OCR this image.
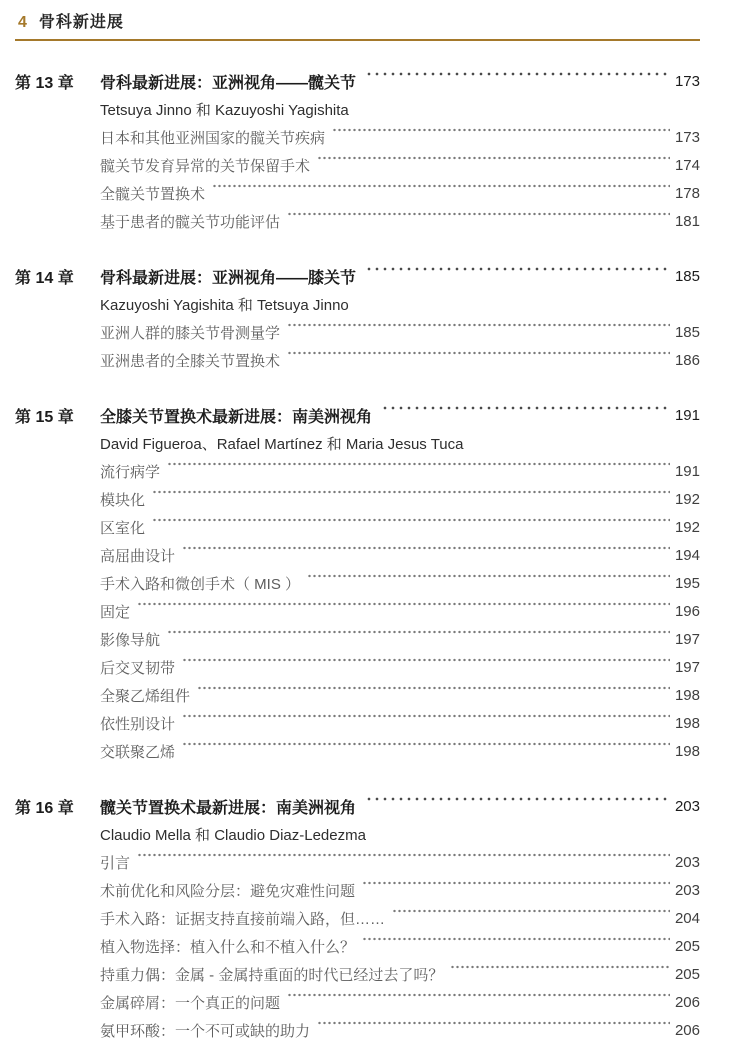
4 骨科新进展
第 13 章	骨科最新进展：亚洲视角——髋关节	173
Tetsuya Jinno 和 Kazuyoshi Yagishita
日本和其他亚洲国家的髋关节疾病	173
髋关节发育异常的关节保留手术	174
全髋关节置换术	178
基于患者的髋关节功能评估	181
第 14 章	骨科最新进展：亚洲视角——膝关节	185
Kazuyoshi Yagishita 和 Tetsuya Jinno
亚洲人群的膝关节骨测量学	185
亚洲患者的全膝关节置换术	186
第 15 章	全膝关节置换术最新进展：南美洲视角	191
David Figueroa、Rafael Martínez 和 Maria Jesus Tuca
流行病学	191
模块化	192
区室化	192
高屈曲设计	194
手术入路和微创手术（ MIS ）	195
固定	196
影像导航	197
后交叉韧带	197
全聚乙烯组件	198
依性别设计	198
交联聚乙烯	198
第 16 章	髋关节置换术最新进展：南美洲视角	203
Claudio Mella 和 Claudio Diaz-Ledezma
引言	203
术前优化和风险分层：避免灾难性问题	203
手术入路：证据支持直接前端入路，但……	204
植入物选择：植入什么和不植入什么？	205
持重力偶：金属 - 金属持重面的时代已经过去了吗？	205
金属碎屑：一个真正的问题	206
氨甲环酸：一个不可或缺的助力	206
